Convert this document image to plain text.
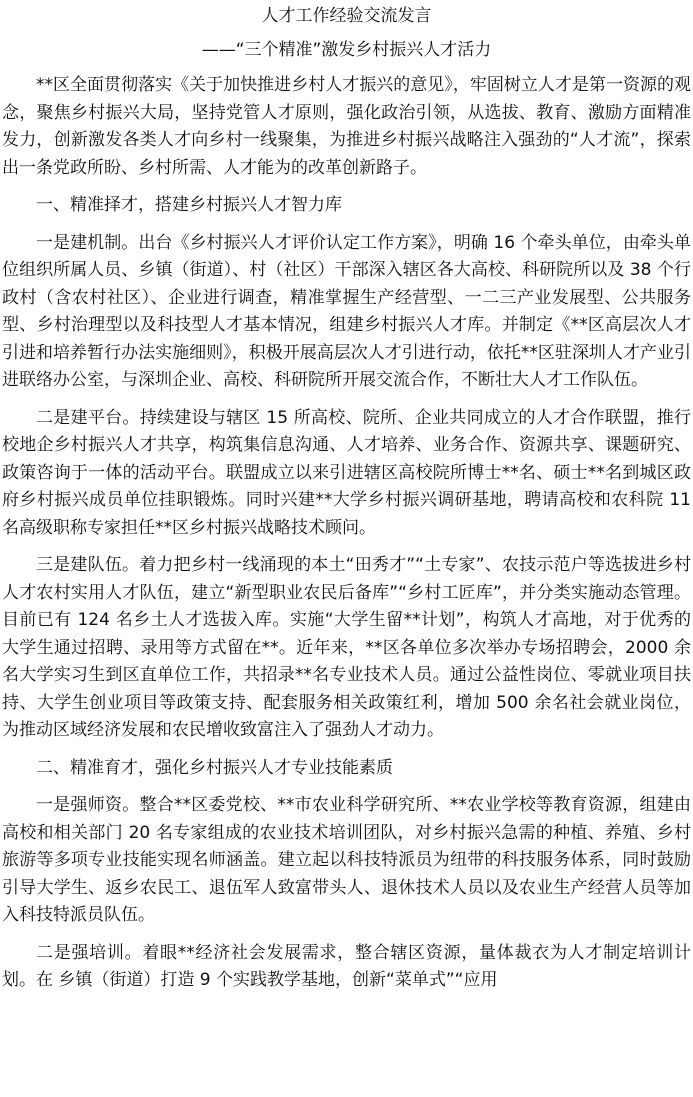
人才工作经验交流发言
——“三个精准”激发乡村振兴人才活力

**区全面贯彻落实《关于加快推进乡村人才振兴的意见》，牢固树立人才是第一资源的观念，聚焦乡村振兴大局，坚持党管人才原则，强化政治引领，从选拔、教育、激励方面精准发力，创新激发各类人才向乡村一线聚集，为推进乡村振兴战略注入强劲的“人才流”，探索出一条党政所盼、乡村所需、人才能为的改革创新路子。

一、精准择才，搭建乡村振兴人才智力库

一是建机制。出台《乡村振兴人才评价认定工作方案》，明确 16 个牵头单位，由牵头单位组织所属人员、乡镇（街道）、村（社区）干部深入辖区各大高校、科研院所以及 38 个行政村（含农村社区）、企业进行调查，精准掌握生产经营型、一二三产业发展型、公共服务型、乡村治理型以及科技型人才基本情况，组建乡村振兴人才库。并制定《**区高层次人才引进和培养暂行办法实施细则》，积极开展高层次人才引进行动，依托**区驻深圳人才产业引进联络办公室，与深圳企业、高校、科研院所开展交流合作，不断壮大人才工作队伍。

二是建平台。持续建设与辖区 15 所高校、院所、企业共同成立的人才合作联盟，推行校地企乡村振兴人才共享，构筑集信息沟通、人才培养、业务合作、资源共享、课题研究、政策咨询于一体的活动平台。联盟成立以来引进辖区高校院所博士**名、硕士**名到城区政府乡村振兴成员单位挂职锻炼。同时兴建**大学乡村振兴调研基地，聘请高校和农科院 11 名高级职称专家担任**区乡村振兴战略技术顾问。

三是建队伍。着力把乡村一线涌现的本土“田秀才”“土专家”、农技示范户等选拔进乡村人才农村实用人才队伍，建立“新型职业农民后备库”“乡村工匠库”，并分类实施动态管理。目前已有 124 名乡土人才选拔入库。实施“大学生留**计划”，构筑人才高地，对于优秀的大学生通过招聘、录用等方式留在**。近年来，**区各单位多次举办专场招聘会，2000 余名大学实习生到区直单位工作，共招录**名专业技术人员。通过公益性岗位、零就业项目扶持、大学生创业项目等政策支持、配套服务相关政策红利，增加 500 余名社会就业岗位，为推动区域经济发展和农民增收致富注入了强劲人才动力。

二、精准育才，强化乡村振兴人才专业技能素质

一是强师资。整合**区委党校、**市农业科学研究所、**农业学校等教育资源，组建由高校和相关部门 20 名专家组成的农业技术培训团队，对乡村振兴急需的种植、养殖、乡村旅游等多项专业技能实现名师涵盖。建立起以科技特派员为纽带的科技服务体系，同时鼓励引导大学生、返乡农民工、退伍军人致富带头人、退休技术人员以及农业生产经营人员等加入科技特派员队伍。

二是强培训。着眼**经济社会发展需求，整合辖区资源，量体裁衣为人才制定培训计划。在 乡镇（街道）打造 9 个实践教学基地，创新“菜单式”“应用
